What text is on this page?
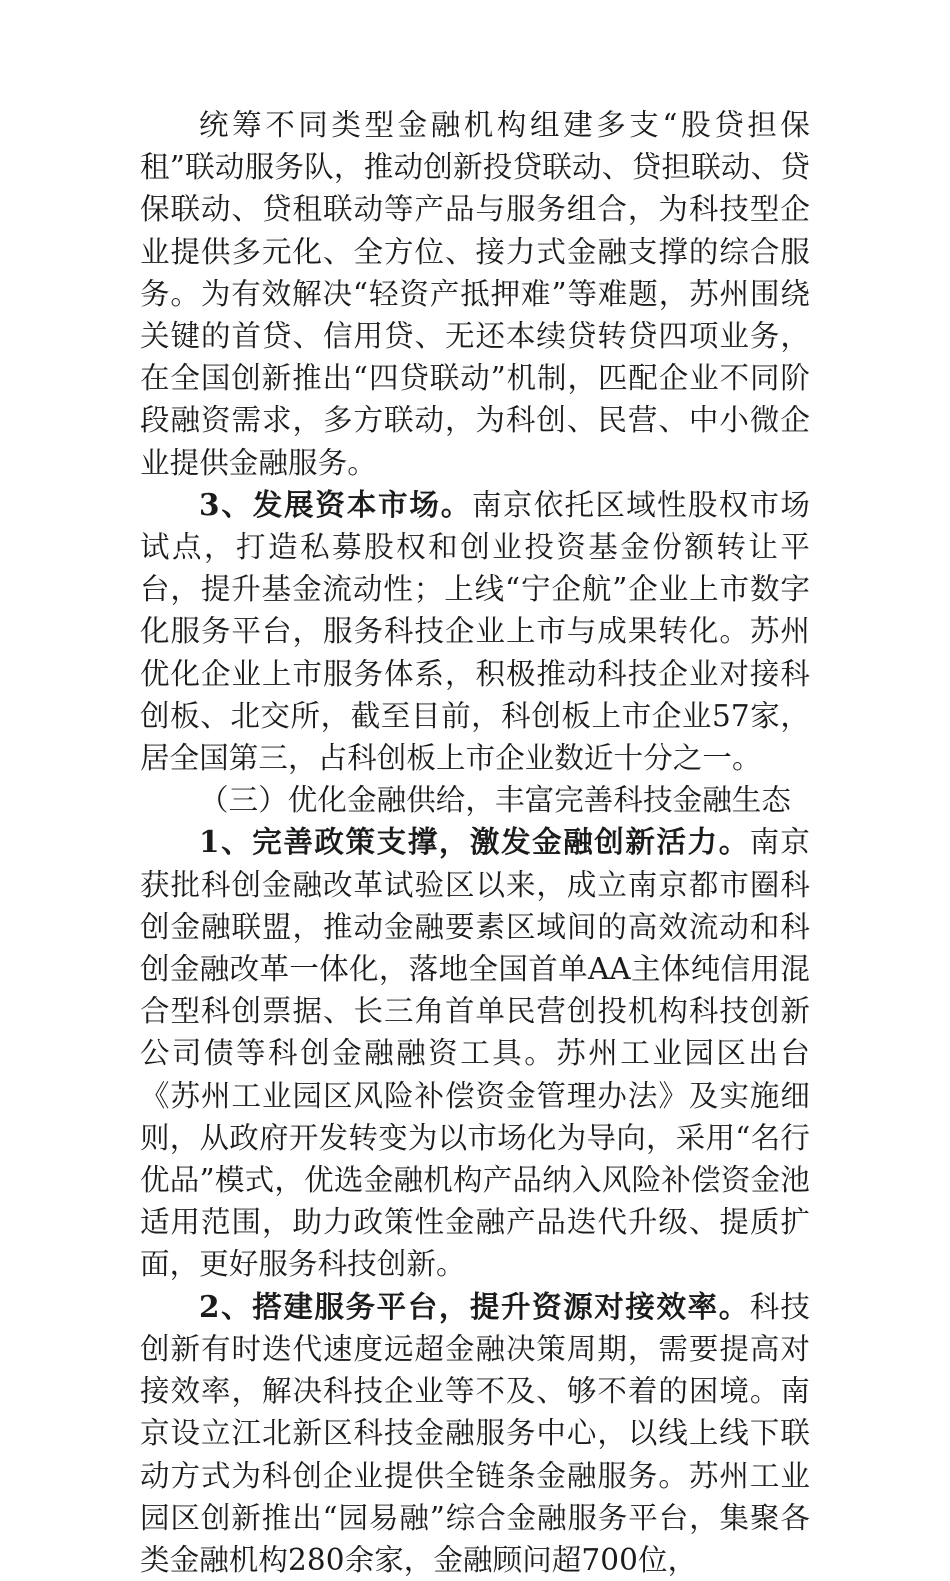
统筹不同类型金融机构组建多支“股贷担保租”联动服务队，推动创新投贷联动、贷担联动、贷保联动、贷租联动等产品与服务组合，为科技型企业提供多元化、全方位、接力式金融支撑的综合服务。为有效解决“轻资产抵押难”等难题，苏州围绕关键的首贷、信用贷、无还本续贷转贷四项业务，在全国创新推出“四贷联动”机制，匹配企业不同阶段融资需求，多方联动，为科创、民营、中小微企业提供金融服务。

3、发展资本市场。南京依托区域性股权市场试点，打造私募股权和创业投资基金份额转让平台，提升基金流动性；上线“宁企航”企业上市数字化服务平台，服务科技企业上市与成果转化。苏州优化企业上市服务体系，积极推动科技企业对接科创板、北交所，截至目前，科创板上市企业57家，居全国第三，占科创板上市企业数近十分之一。

（三）优化金融供给，丰富完善科技金融生态

1、完善政策支撑，激发金融创新活力。南京获批科创金融改革试验区以来，成立南京都市圈科创金融联盟，推动金融要素区域间的高效流动和科创金融改革一体化，落地全国首单AA主体纯信用混合型科创票据、长三角首单民营创投机构科技创新公司债等科创金融融资工具。苏州工业园区出台《苏州工业园区风险补偿资金管理办法》及实施细则，从政府开发转变为以市场化为导向，采用“名行优品”模式，优选金融机构产品纳入风险补偿资金池适用范围，助力政策性金融产品迭代升级、提质扩面，更好服务科技创新。

2、搭建服务平台，提升资源对接效率。科技创新有时迭代速度远超金融决策周期，需要提高对接效率，解决科技企业等不及、够不着的困境。南京设立江北新区科技金融服务中心，以线上线下联动方式为科创企业提供全链条金融服务。苏州工业园区创新推出“园易融”综合金融服务平台，集聚各类金融机构280余家，金融顾问超700位，
